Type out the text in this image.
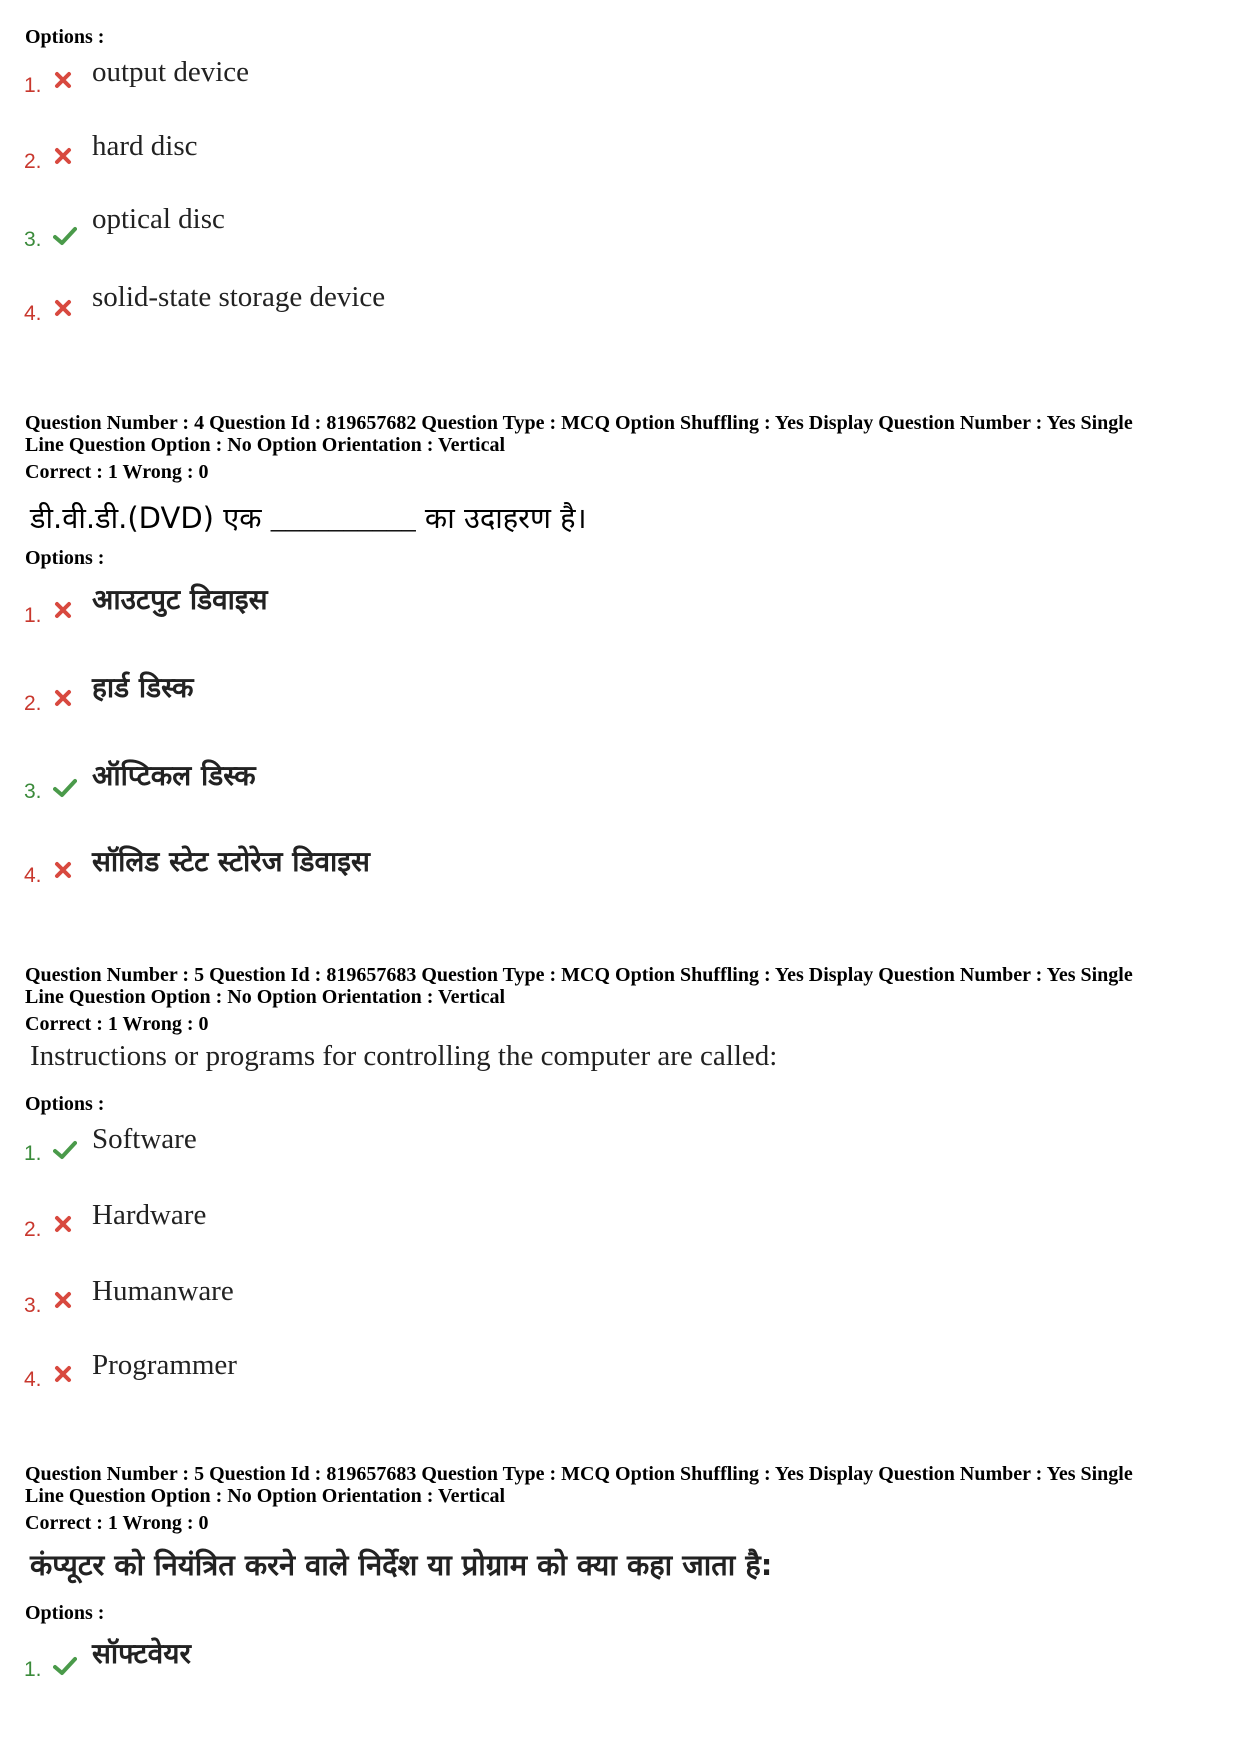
Options :
1. output device
2. hard disc
3.
optical disc
4.
solid-state storage device
Question Number : 4 Question Id : 819657682 Question Type : MCQ Option Shuffling : Yes Display Question Number : Yes Single
Line Question Option : No Option Orientation : Vertical
Correct : 1 Wrong : 0
डी.वी.डी.(DVD) एक __________ का उदाहरण है।
Options :
1. आउटपुट डिवाइस
2. हार्ड डिस्क
3. ऑप्टिकल डिस्क
4. सॉलिड स्टेट स्टोरेज डिवाइस
Question Number : 5 Question Id : 819657683 Question Type : MCQ Option Shuffling : Yes Display Question Number : Yes Single
Line Question Option : No Option Orientation : Vertical
Correct : 1 Wrong : 0
Instructions or programs for controlling the computer are called:
Options :
1. Software
2. Hardware
3. Humanware
4. Programmer
Question Number : 5 Question Id : 819657683 Question Type : MCQ Option Shuffling : Yes Display Question Number : Yes Single
Line Question Option : No Option Orientation : Vertical
Correct : 1 Wrong : 0
कंप्यूटर को नियंत्रित करने वाले निर्देश या प्रोग्राम को क्या कहा जाता है:
Options :
1. सॉफ्टवेयर
